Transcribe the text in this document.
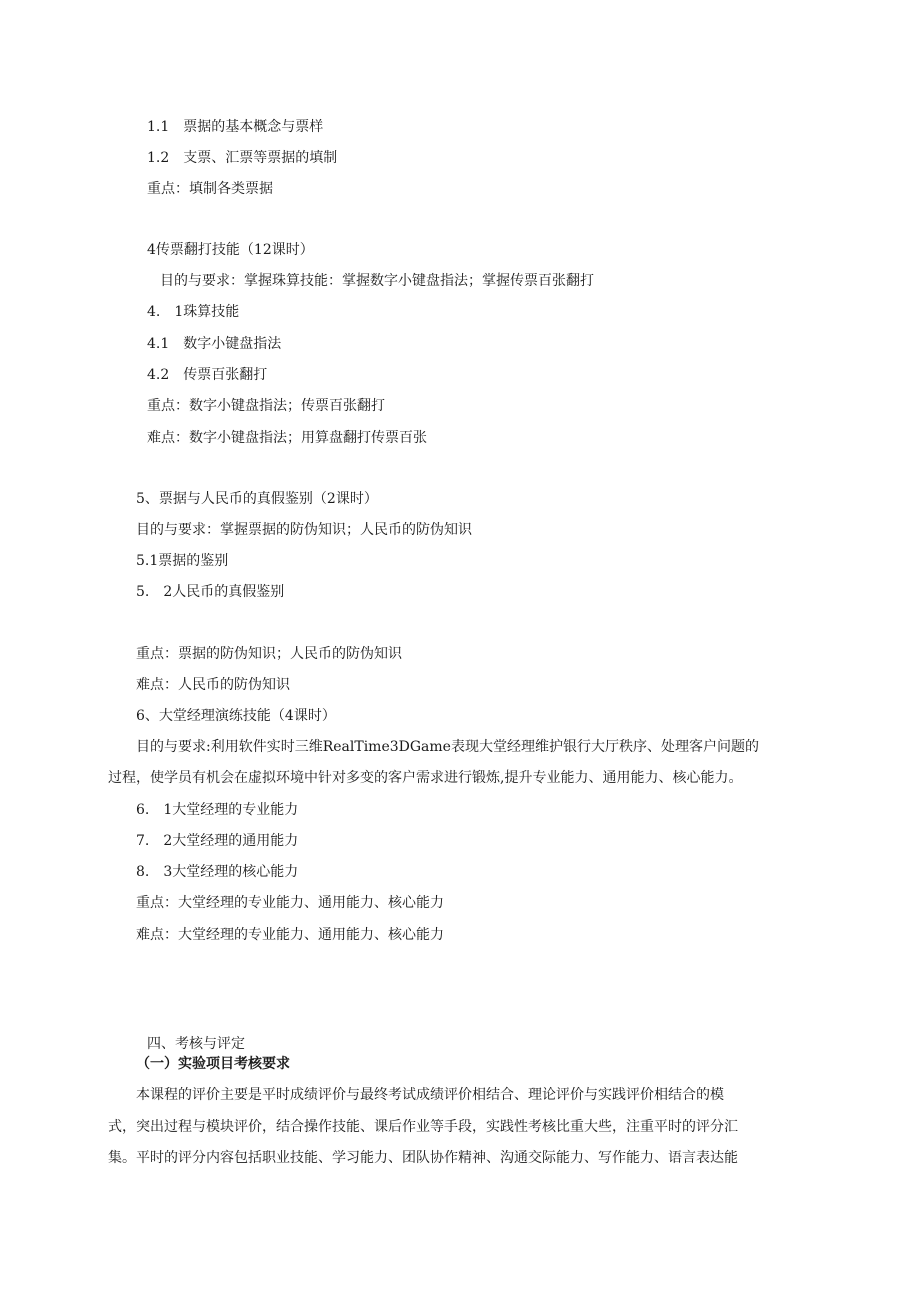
1.1　票据的基本概念与票样
1.2　支票、汇票等票据的填制
重点：填制各类票据
4传票翻打技能（12课时）
目的与要求：掌握珠算技能：掌握数字小键盘指法；掌握传票百张翻打
4.　1珠算技能
4.1　数字小键盘指法
4.2　传票百张翻打
重点：数字小键盘指法；传票百张翻打
难点：数字小键盘指法；用算盘翻打传票百张
5、票据与人民币的真假鉴别（2课时）
目的与要求：掌握票据的防伪知识；人民币的防伪知识
5.1票据的鉴别
5.　2人民币的真假鉴别
重点：票据的防伪知识；人民币的防伪知识
难点：人民币的防伪知识
6、大堂经理演练技能（4课时）
目的与要求:利用软件实时三维RealTime3DGame表现大堂经理维护银行大厅秩序、处理客户问题的
过程，使学员有机会在虚拟环境中针对多变的客户需求进行锻炼,提升专业能力、通用能力、核心能力。
6.　1大堂经理的专业能力
7.　2大堂经理的通用能力
8.　3大堂经理的核心能力
重点：大堂经理的专业能力、通用能力、核心能力
难点：大堂经理的专业能力、通用能力、核心能力
四、考核与评定
（一）实验项目考核要求
本课程的评价主要是平时成绩评价与最终考试成绩评价相结合、理论评价与实践评价相结合的模
式，突出过程与模块评价，结合操作技能、课后作业等手段，实践性考核比重大些，注重平时的评分汇
集。平时的评分内容包括职业技能、学习能力、团队协作精神、沟通交际能力、写作能力、语言表达能
